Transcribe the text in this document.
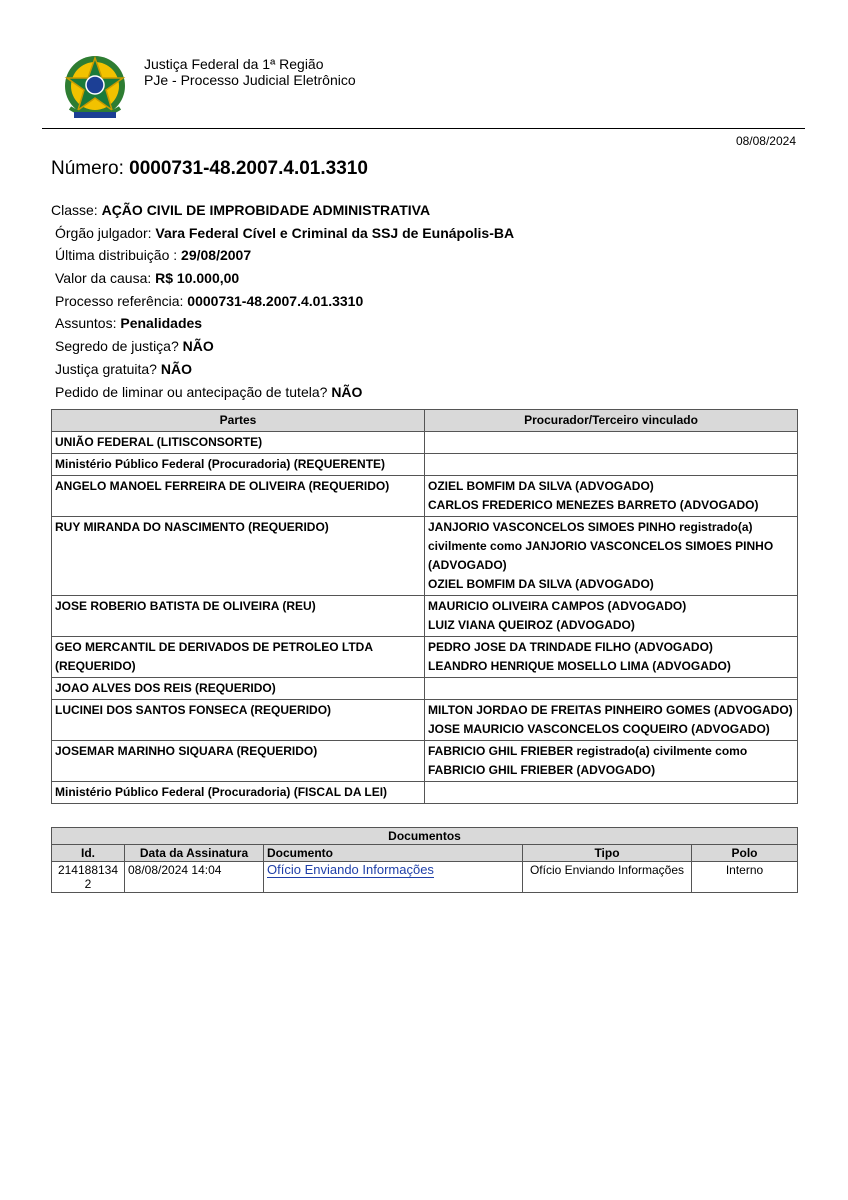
Justiça Federal da 1ª Região
PJe - Processo Judicial Eletrônico
08/08/2024
Número: 0000731-48.2007.4.01.3310
Classe: AÇÃO CIVIL DE IMPROBIDADE ADMINISTRATIVA
Órgão julgador: Vara Federal Cível e Criminal da SSJ de Eunápolis-BA
Última distribuição : 29/08/2007
Valor da causa: R$ 10.000,00
Processo referência: 0000731-48.2007.4.01.3310
Assuntos: Penalidades
Segredo de justiça? NÃO
Justiça gratuita? NÃO
Pedido de liminar ou antecipação de tutela? NÃO
Partes	Procurador/Terceiro vinculado
UNIÃO FEDERAL (LITISCONSORTE)	
Ministério Público Federal (Procuradoria) (REQUERENTE)	
ANGELO MANOEL FERREIRA DE OLIVEIRA (REQUERIDO)	OZIEL BOMFIM DA SILVA (ADVOGADO)
CARLOS FREDERICO MENEZES BARRETO (ADVOGADO)

RUY MIRANDA DO NASCIMENTO (REQUERIDO)	JANJORIO VASCONCELOS SIMOES PINHO registrado(a) civilmente como JANJORIO VASCONCELOS SIMOES PINHO (ADVOGADO)
OZIEL BOMFIM DA SILVA (ADVOGADO)

JOSE ROBERIO BATISTA DE OLIVEIRA (REU)	MAURICIO OLIVEIRA CAMPOS (ADVOGADO)
LUIZ VIANA QUEIROZ (ADVOGADO)

GEO MERCANTIL DE DERIVADOS DE PETROLEO LTDA (REQUERIDO)	PEDRO JOSE DA TRINDADE FILHO (ADVOGADO)
LEANDRO HENRIQUE MOSELLO LIMA (ADVOGADO)

JOAO ALVES DOS REIS (REQUERIDO)	
LUCINEI DOS SANTOS FONSECA (REQUERIDO)	MILTON JORDAO DE FREITAS PINHEIRO GOMES (ADVOGADO)
JOSE MAURICIO VASCONCELOS COQUEIRO (ADVOGADO)

JOSEMAR MARINHO SIQUARA (REQUERIDO)	FABRICIO GHIL FRIEBER registrado(a) civilmente como FABRICIO GHIL FRIEBER (ADVOGADO)

Ministério Público Federal (Procuradoria) (FISCAL DA LEI)	
Documentos				
Id.	Data da Assinatura	Documento	Tipo	Polo
2141881342	08/08/2024 14:04	Ofício Enviando Informações	Ofício Enviando Informações	Interno
